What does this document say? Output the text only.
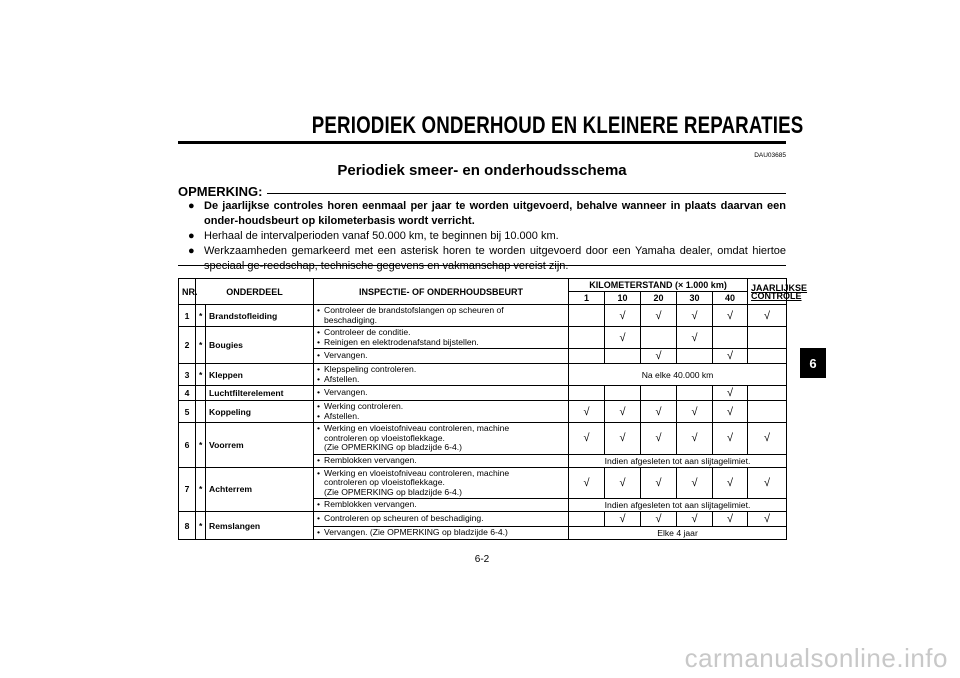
PERIODIEK ONDERHOUD EN KLEINERE REPARATIES
DAU03685
Periodiek smeer- en onderhoudsschema
6
OPMERKING:
● De jaarlijkse controles horen eenmaal per jaar te worden uitgevoerd, behalve wanneer in plaats daarvan een onder-houdsbeurt op kilometerbasis wordt verricht.
● Herhaal de intervalperioden vanaf 50.000 km, te beginnen bij 10.000 km.
● Werkzaamheden gemarkeerd met een asterisk horen te worden uitgevoerd door een Yamaha dealer, omdat hiertoe speciaal ge-reedschap, technische gegevens en vakmanschap vereist zijn.
NR.	ONDERDEEL		INSPECTIE- OF ONDERHOUDSBEURT	KILOMETERSTAND (× 1.000 km)					JAARLIJKSE
CONTROLE

				1	10	20	30	40	
1	*	Brandstofleiding	• Controleer de brandstofslangen op scheuren of
beschadiging.		√	√	√	√	√
2	*	Bougies	• Controleer de conditie.
• Reinigen en elektrodenafstand bijstellen.		√		√		

			• Vervangen.			√		√	
3	*	Kleppen	• Klepspeling controleren.
• Afstellen.	Na elke 40.000 km					
4		Luchtfilterelement	• Vervangen.					√	
5		Koppeling	• Werking controleren.
• Afstellen.	√	√	√	√	√	
6	*	Voorrem	• Werking en vloeistofniveau controleren, machine
controleren op vloeistoflekkage.
(Zie OPMERKING op bladzijde 6-4.)	√	√	√	√	√	√

			• Remblokken vervangen.	Indien afgesleten tot aan slijtagelimiet.					
7	*	Achterrem	• Werking en vloeistofniveau controleren, machine
controleren op vloeistoflekkage.
(Zie OPMERKING op bladzijde 6-4.)	√	√	√	√	√	√

			• Remblokken vervangen.	Indien afgesleten tot aan slijtagelimiet.					
8	*	Remslangen	• Controleren op scheuren of beschadiging.		√	√	√	√	√

			• Vervangen. (Zie OPMERKING op bladzijde 6-4.)	Elke 4 jaar					
6-2
carmanualsonline.info
